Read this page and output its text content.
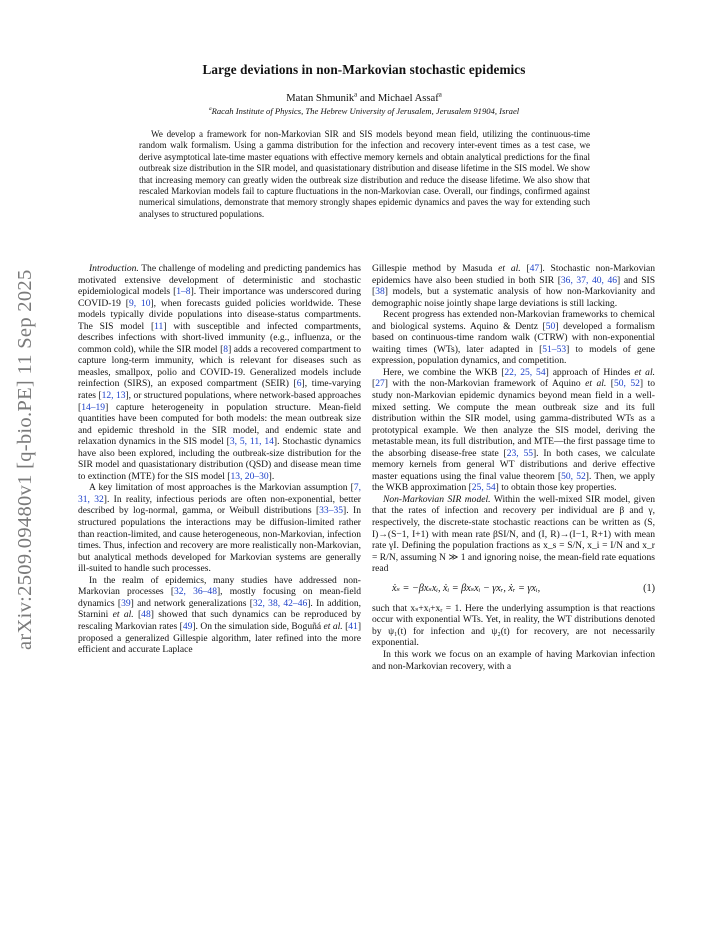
arXiv:2509.09480v1 [q-bio.PE] 11 Sep 2025
Large deviations in non-Markovian stochastic epidemics
Matan Shmunik$^a$ and Michael Assaf$^a$
$^a$Racah Institute of Physics, The Hebrew University of Jerusalem, Jerusalem 91904, Israel
We develop a framework for non-Markovian SIR and SIS models beyond mean field, utilizing the continuous-time random walk formalism. Using a gamma distribution for the infection and recovery inter-event times as a test case, we derive asymptotical late-time master equations with effective memory kernels and obtain analytical predictions for the final outbreak size distribution in the SIR model, and quasistationary distribution and disease lifetime in the SIS model. We show that increasing memory can greatly widen the outbreak size distribution and reduce the disease lifetime. We also show that rescaled Markovian models fail to capture fluctuations in the non-Markovian case. Overall, our findings, confirmed against numerical simulations, demonstrate that memory strongly shapes epidemic dynamics and paves the way for extending such analyses to structured populations.

Introduction. The challenge of modeling and predicting pandemics has motivated extensive development of deterministic and stochastic epidemiological models [1–8]. Their importance was underscored during COVID-19 [9, 10], when forecasts guided policies worldwide. These models typically divide populations into disease-status compartments. The SIS model [11] with susceptible and infected compartments, describes infections with short-lived immunity (e.g., influenza, or the common cold), while the SIR model [8] adds a recovered compartment to capture long-term immunity, which is relevant for diseases such as measles, smallpox, polio and COVID-19. Generalized models include reinfection (SIRS), an exposed compartment (SEIR) [6], time-varying rates [12, 13], or structured populations, where network-based approaches [14–19] capture heterogeneity in population structure. Mean-field quantities have been computed for both models: the mean outbreak size and epidemic threshold in the SIR model, and endemic state and relaxation dynamics in the SIS model [3, 5, 11, 14]. Stochastic dynamics have also been explored, including the outbreak-size distribution for the SIR model and quasistationary distribution (QSD) and disease mean time to extinction (MTE) for the SIS model [13, 20–30].

A key limitation of most approaches is the Markovian assumption [7, 31, 32]. In reality, infectious periods are often non-exponential, better described by log-normal, gamma, or Weibull distributions [33–35]. In structured populations the interactions may be diffusion-limited rather than reaction-limited, and cause heterogeneous, non-Markovian, infection times. Thus, infection and recovery are more realistically non-Markovian, but analytical methods developed for Markovian systems are generally ill-suited to handle such processes.

In the realm of epidemics, many studies have addressed non-Markovian processes [32, 36–48], mostly focusing on mean-field dynamics [39] and network generalizations [32, 38, 42–46]. In addition, Starnini et al. [48] showed that such dynamics can be reproduced by rescaling Markovian rates [49]. On the simulation side, Boguñá et al. [41] proposed a generalized Gillespie algorithm, later refined into the more efficient and accurate Laplace

Gillespie method by Masuda et al. [47]. Stochastic non-Markovian epidemics have also been studied in both SIR [36, 37, 40, 46] and SIS [38] models, but a systematic analysis of how non-Markovianity and demographic noise jointly shape large deviations is still lacking.

Recent progress has extended non-Markovian frameworks to chemical and biological systems. Aquino & Dentz [50] developed a formalism based on continuous-time random walk (CTRW) with non-exponential waiting times (WTs), later adapted in [51–53] to models of gene expression, population dynamics, and competition.

Here, we combine the WKB [22, 25, 54] approach of Hindes et al. [27] with the non-Markovian framework of Aquino et al. [50, 52] to study non-Markovian epidemic dynamics beyond mean field in a well-mixed setting. We compute the mean outbreak size and its full distribution within the SIR model, using gamma-distributed WTs as a prototypical example. We then analyze the SIS model, deriving the metastable mean, its full distribution, and MTE—the first passage time to the absorbing disease-free state [23, 55]. In both cases, we calculate memory kernels from general WT distributions and derive effective master equations using the final value theorem [50, 52]. Then, we apply the WKB approximation [25, 54] to obtain those key properties.

Non-Markovian SIR model. Within the well-mixed SIR model, given that the rates of infection and recovery per individual are β and γ, respectively, the discrete-state stochastic reactions can be written as (S, I)→(S−1, I+1) with mean rate βSI/N, and (I, R)→(I−1, R+1) with mean rate γI. Defining the population fractions as x_s = S/N, x_i = I/N and x_r = R/N, assuming N ≫ 1 and ignoring noise, the mean-field rate equations read

ẋₛ = −βxₛxᵢ, ẋᵢ = βxₛxᵢ − γxᵣ, ẋᵣ = γxᵢ,	(1)

such that xₛ+xᵢ+xᵣ = 1. Here the underlying assumption is that reactions occur with exponential WTs. Yet, in reality, the WT distributions denoted by ψ₁(t) for infection and ψ₂(t) for recovery, are not necessarily exponential.

In this work we focus on an example of having Markovian infection and non-Markovian recovery, with a
